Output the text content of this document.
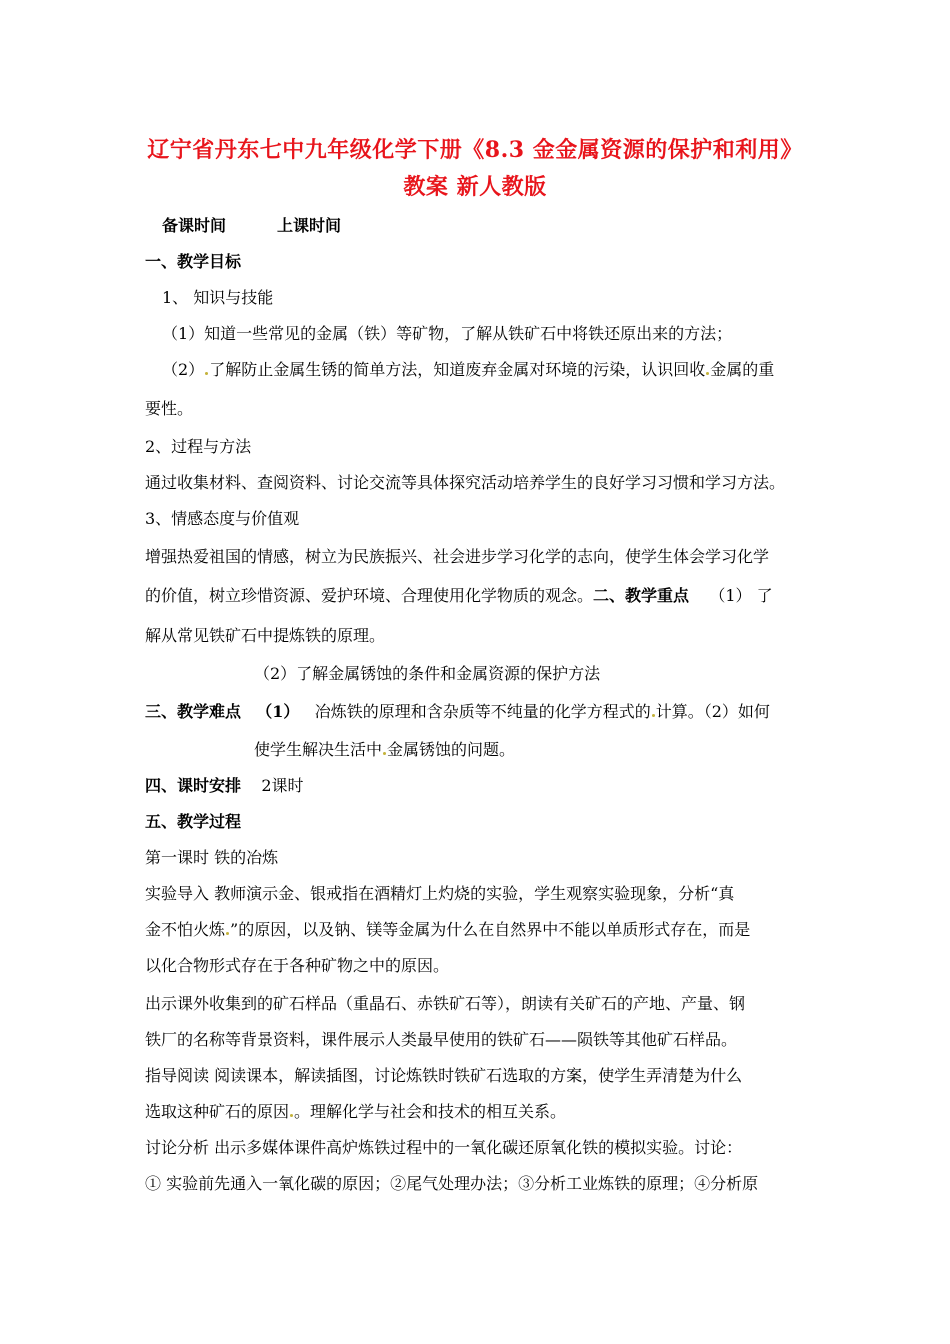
辽宁省丹东七中九年级化学下册《8.3 金金属资源的保护和利用》
教案 新人教版
备课时间	上课时间
一、教学目标
1、 知识与技能
（1）知道一些常见的金属（铁）等矿物，了解从铁矿石中将铁还原出来的方法；
（2） 了解防止金属生锈的简单方法，知道废弃金属对环境的污染，认识回收 金属的重
要性。
2、过程与方法
通过收集材料、查阅资料、讨论交流等具体探究活动培养学生的良好学习习惯和学习方法。
3、情感态度与价值观
增强热爱祖国的情感，树立为民族振兴、社会进步学习化学的志向，使学生体会学习化学
的价值，树立珍惜资源、爱护环境、合理使用化学物质的观念。二、教学重点 （1） 了
解从常见铁矿石中提炼铁的原理。
（2）了解金属锈蚀的条件和金属资源的保护方法
三、教学难点 （1） 冶炼铁的原理和含杂质等不纯量的化学方程式的 计算。（2）如何
使学生解决生活中 金属锈蚀的问题。
四、课时安排 2课时
五、教学过程
第一课时 铁的冶炼
实验导入 教师演示金、银戒指在酒精灯上灼烧的实验，学生观察实验现象，分析“真
金不怕火炼 ”的原因，以及钠、镁等金属为什么在自然界中不能以单质形式存在，而是
以化合物形式存在于各种矿物之中的原因。
出示课外收集到的矿石样品（重晶石、赤铁矿石等），朗读有关矿石的产地、产量、钢
铁厂的名称等背景资料，课件展示人类最早使用的铁矿石——陨铁等其他矿石样品。
指导阅读 阅读课本，解读插图，讨论炼铁时铁矿石选取的方案，使学生弄清楚为什么
选取这种矿石的原因 。理解化学与社会和技术的相互关系。
讨论分析 出示多媒体课件高炉炼铁过程中的一氧化碳还原氧化铁的模拟实验。讨论：
① 实验前先通入一氧化碳的原因；②尾气处理办法；③分析工业炼铁的原理；④分析原
